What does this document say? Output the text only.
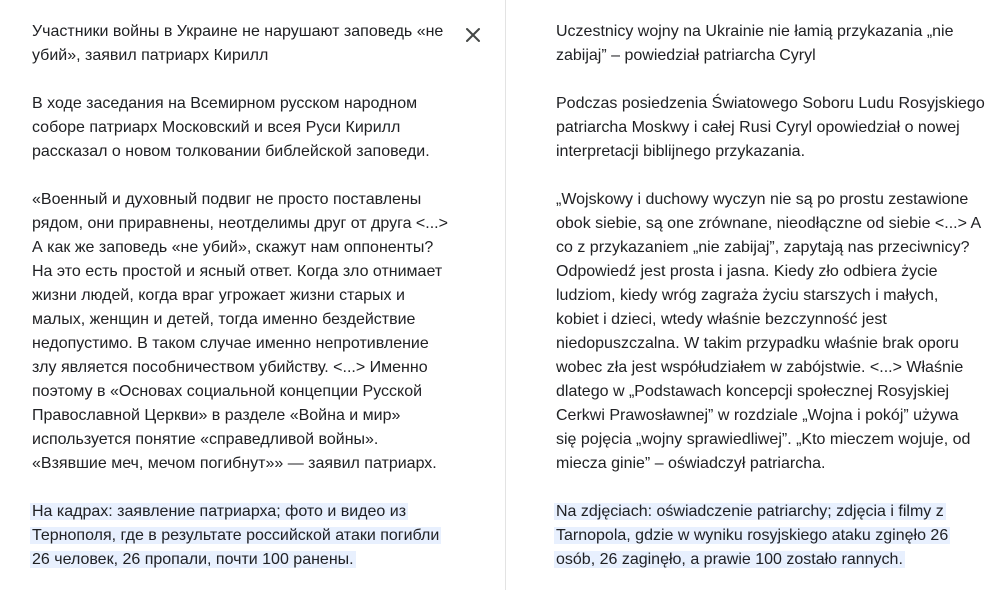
Участники войны в Украине не нарушают заповедь «не
убий», заявил патриарх Кирилл

В ходе заседания на Всемирном русском народном
соборе патриарх Московский и всея Руси Кирилл
рассказал о новом толковании библейской заповеди.

«Военный и духовный подвиг не просто поставлены
рядом, они приравнены, неотделимы друг от друга <...>
А как же заповедь «не убий», скажут нам оппоненты?
На это есть простой и ясный ответ. Когда зло отнимает
жизни людей, когда враг угрожает жизни старых и
малых, женщин и детей, тогда именно бездействие
недопустимо. В таком случае именно непротивление
злу является пособничеством убийству. <...> Именно
поэтому в «Основах социальной концепции Русской
Православной Церкви» в разделе «Война и мир»
используется понятие «справедливой войны».
«Взявшие меч, мечом погибнут»» — заявил патриарх.

На кадрах: заявление патриарха; фото и видео из
Тернополя, где в результате российской атаки погибли
26 человек, 26 пропали, почти 100 ранены.

Uczestnicy wojny na Ukrainie nie łamią przykazania „nie
zabijaj” – powiedział patriarcha Cyryl

Podczas posiedzenia Światowego Soboru Ludu Rosyjskiego
patriarcha Moskwy i całej Rusi Cyryl opowiedział o nowej
interpretacji biblijnego przykazania.

„Wojskowy i duchowy wyczyn nie są po prostu zestawione
obok siebie, są one zrównane, nieodłączne od siebie <...> A
co z przykazaniem „nie zabijaj”, zapytają nas przeciwnicy?
Odpowiedź jest prosta i jasna. Kiedy zło odbiera życie
ludziom, kiedy wróg zagraża życiu starszych i małych,
kobiet i dzieci, wtedy właśnie bezczynność jest
niedopuszczalna. W takim przypadku właśnie brak oporu
wobec zła jest współudziałem w zabójstwie. <...> Właśnie
dlatego w „Podstawach koncepcji społecznej Rosyjskiej
Cerkwi Prawosławnej” w rozdziale „Wojna i pokój” używa
się pojęcia „wojny sprawiedliwej”. „Kto mieczem wojuje, od
miecza ginie” – oświadczył patriarcha.

Na zdjęciach: oświadczenie patriarchy; zdjęcia i filmy z
Tarnopola, gdzie w wyniku rosyjskiego ataku zginęło 26
osób, 26 zaginęło, a prawie 100 zostało rannych.
